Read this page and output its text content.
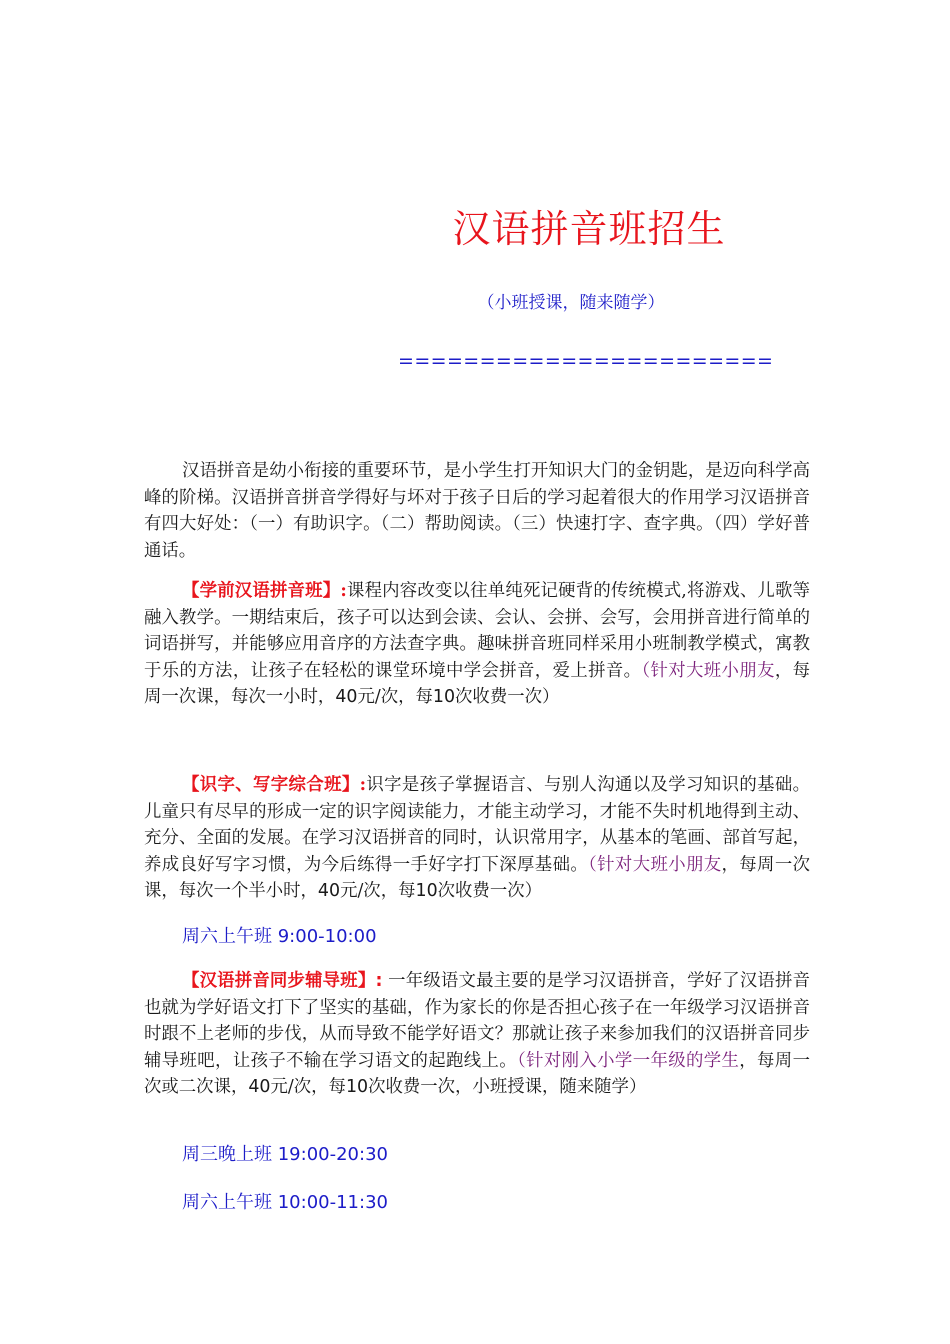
汉语拼音班招生

（小班授课，随来随学）

=======================

汉语拼音是幼小衔接的重要环节，是小学生打开知识大门的金钥匙，是迈向科学高峰的阶梯。汉语拼音拼音学得好与坏对于孩子日后的学习起着很大的作用学习汉语拼音有四大好处：（一）有助识字。（二）帮助阅读。（三）快速打字、查字典。（四）学好普通话。

【学前汉语拼音班】:课程内容改变以往单纯死记硬背的传统模式,将游戏、儿歌等融入教学。一期结束后，孩子可以达到会读、会认、会拼、会写，会用拼音进行简单的词语拼写，并能够应用音序的方法查字典。趣味拼音班同样采用小班制教学模式，寓教于乐的方法，让孩子在轻松的课堂环境中学会拼音，爱上拼音。（针对大班小朋友，每周一次课，每次一小时，40元/次，每10次收费一次）

【识字、写字综合班】:识字是孩子掌握语言、与别人沟通以及学习知识的基础。儿童只有尽早的形成一定的识字阅读能力，才能主动学习，才能不失时机地得到主动、充分、全面的发展。在学习汉语拼音的同时，认识常用字，从基本的笔画、部首写起，养成良好写字习惯，为今后练得一手好字打下深厚基础。（针对大班小朋友，每周一次课，每次一个半小时，40元/次，每10次收费一次）

周六上午班 9:00-10:00

【汉语拼音同步辅导班】: 一年级语文最主要的是学习汉语拼音，学好了汉语拼音也就为学好语文打下了坚实的基础，作为家长的你是否担心孩子在一年级学习汉语拼音时跟不上老师的步伐，从而导致不能学好语文？那就让孩子来参加我们的汉语拼音同步辅导班吧，让孩子不输在学习语文的起跑线上。（针对刚入小学一年级的学生，每周一次或二次课，40元/次，每10次收费一次，小班授课，随来随学）

周三晚上班 19:00-20:30

周六上午班 10:00-11:30
